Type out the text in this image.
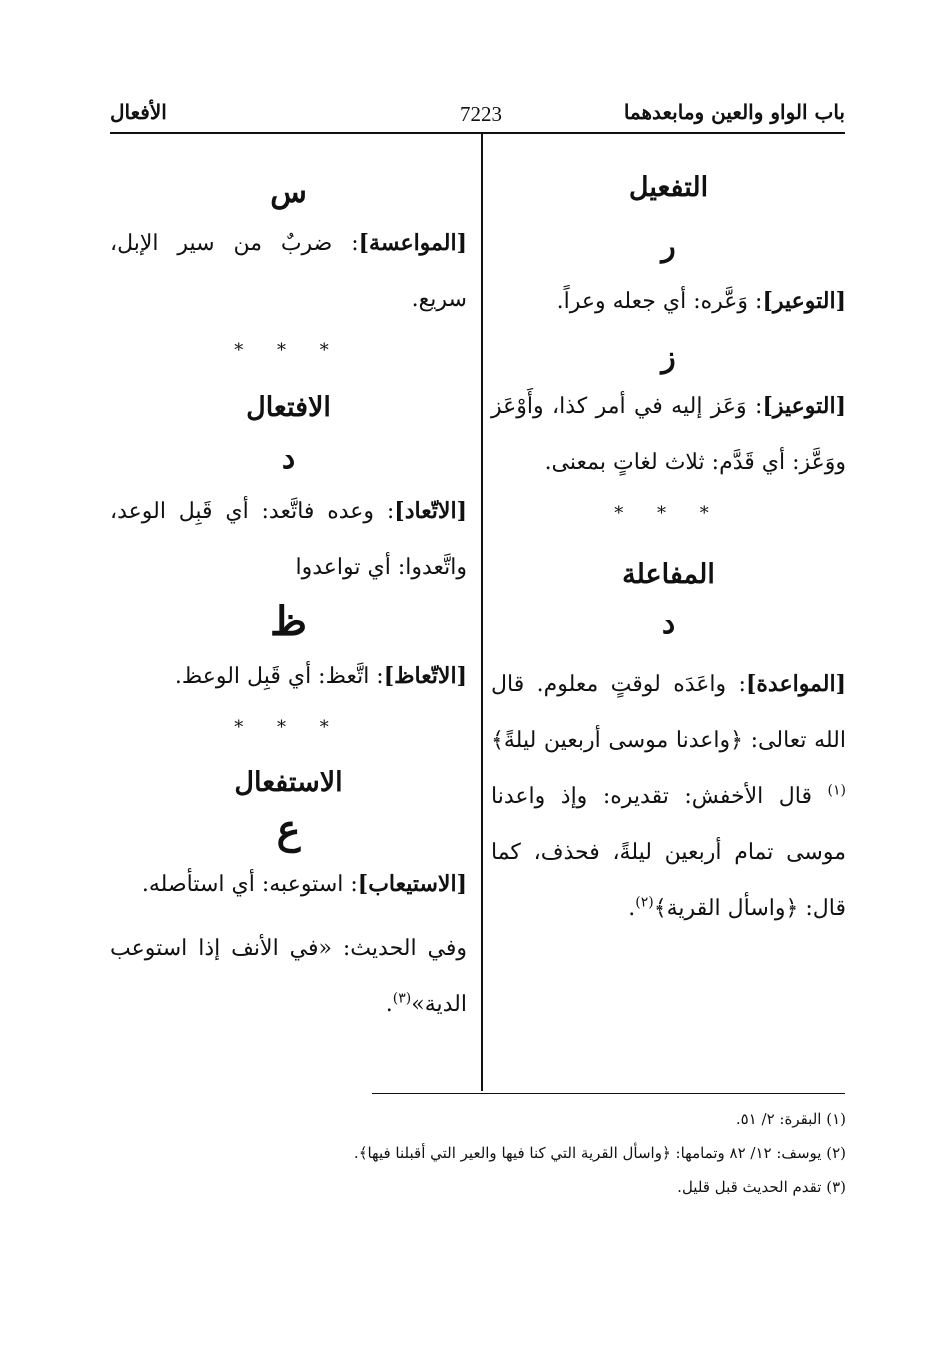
باب الواو والعين ومابعدهما
7223
الأفعال
التفعيل
ر
[التوعير]: وَعَّره: أي جعله وعراً.
ز
[التوعيز]: وَعَز إليه في أمر كذا، وأَوْعَز ووَعَّز: أي قَدَّم: ثلاث لغاتٍ بمعنى.
* * *
المفاعلة
د
[المواعدة]: واعَدَه لوقتٍ معلوم. قال الله تعالى: ﴿واعدنا موسى أربعين ليلةً﴾$^{(١)}$ قال الأخفش: تقديره: وإذ واعدنا موسى تمام أربعين ليلةً، فحذف، كما قال: ﴿واسأل القرية﴾$^{(٢)}$.
س
[المواعسة]: ضربٌ من سير الإبل، سريع.
* * *
الافتعال
د
[الاتّعاد]: وعده فاتَّعد: أي قَبِل الوعد، واتَّعدوا: أي تواعدوا
ظ
[الاتّعاظ]: اتَّعظ: أي قَبِل الوعظ.
* * *
الاستفعال
ع
[الاستيعاب]: استوعبه: أي استأصله.
وفي الحديث: «في الأنف إذا استوعب الدية»$^{(٣)}$.
(١) البقرة: ٢/ ٥١.
(٢) يوسف: ١٢/ ٨٢ وتمامها: ﴿واسأل القرية التي كنا فيها والعير التي أقبلنا فيها﴾.
(٣) تقدم الحديث قبل قليل.
